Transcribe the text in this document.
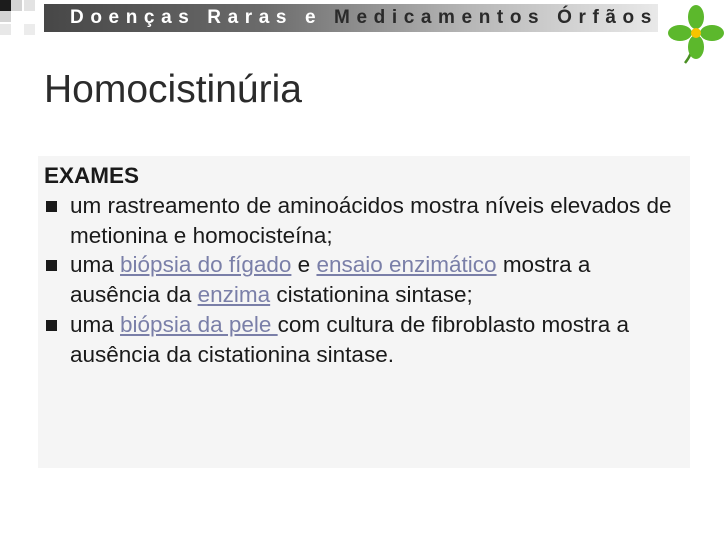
Doenças Raras e Medicamentos Órfãos
Homocistinúria
EXAMES
um rastreamento de aminoácidos mostra níveis elevados de metionina e homocisteína;
uma biópsia do fígado e ensaio enzimático mostra a ausência da enzima cistationina sintase;
uma biópsia da pele com cultura de fibroblasto mostra a ausência da cistationina sintase.
